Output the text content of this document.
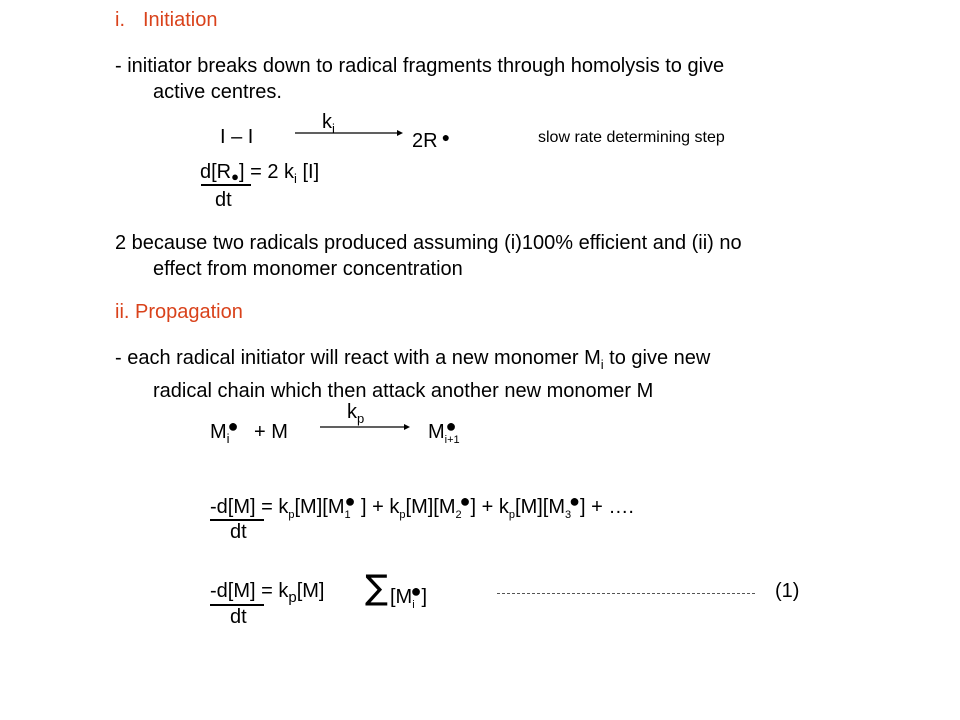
i. Initiation
- initiator breaks down to radical fragments through homolysis to give
active centres.
I – I
$k_i$
2R ●	slow rate determining step
d[R●] = 2 $k_i$ [I]
dt
2 because two radicals produced assuming (i)100% efficient and (ii) no
effect from monomer concentration
ii. Propagation
- each radical initiator will react with a new monomer $M_i$ to give new
radical chain which then attack another new monomer M
$M_i● + M$
$k_p$
$M_{i+1}●$
$-d[M] = k_p[M][M_1●$ ] + $k_p[M][M_2●]$ + $k_p[M][M_3●]$ + ….
dt
$-d[M] = k_p[M]$ ∑ $[M_i●]$	(1)
dt
